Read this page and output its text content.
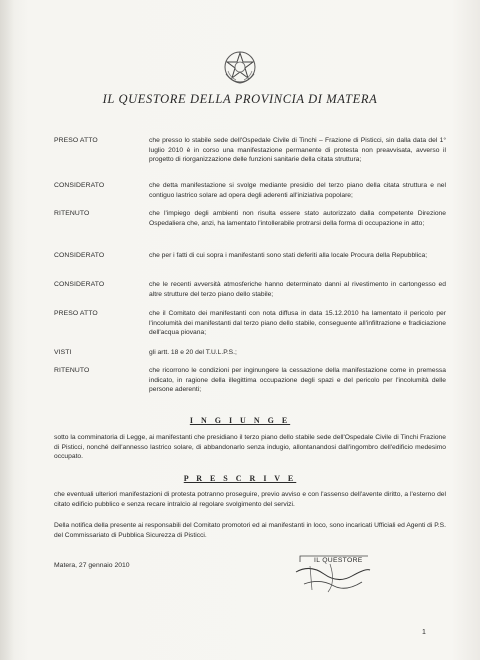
IL QUESTORE DELLA PROVINCIA DI MATERA
PRESO ATTO	che presso lo stabile sede dell'Ospedale Civile di Tinchi – Frazione di Pisticci, sin dalla data del 1° luglio 2010 è in corso una manifestazione permanente di protesta non preavvisata, avverso il progetto di riorganizzazione delle funzioni sanitarie della citata struttura;
CONSIDERATO	che detta manifestazione si svolge mediante presidio del terzo piano della citata struttura e nel contiguo lastrico solare ad opera degli aderenti all'iniziativa popolare;
RITENUTO	che l'impiego degli ambienti non risulta essere stato autorizzato dalla competente Direzione Ospedaliera che, anzi, ha lamentato l'intollerabile protrarsi della forma di occupazione in atto;
CONSIDERATO	che per i fatti di cui sopra i manifestanti sono stati deferiti alla locale Procura della Repubblica;
CONSIDERATO	che le recenti avversità atmosferiche hanno determinato danni al rivestimento in cartongesso ed altre strutture del terzo piano dello stabile;
PRESO ATTO	che il Comitato dei manifestanti con nota diffusa in data 15.12.2010 ha lamentato il pericolo per l'incolumità dei manifestanti dal terzo piano dello stabile, conseguente all'infiltrazione e fradiciazione dell'acqua piovana;
VISTI	gli artt. 18 e 20 del T.U.L.P.S.;
RITENUTO	che ricorrono le condizioni per inginungere la cessazione della manifestazione come in premessa indicato, in ragione della illegittima occupazione degli spazi e del pericolo per l'incolumità delle persone aderenti;
I N G I U N G E
sotto la comminatoria di Legge, ai manifestanti che presidiano il terzo piano dello stabile sede dell'Ospedale Civile di Tinchi Frazione di Pisticci, nonché dell'annesso lastrico solare, di abbandonarlo senza indugio, allontanandosi dall'ingombro dell'edificio medesimo occupato.
P R E S C R I V E
che eventuali ulteriori manifestazioni di protesta potranno proseguire, previo avviso e con l'assenso dell'avente diritto, a l'esterno del citato edificio pubblico e senza recare intralcio al regolare svolgimento del servizi.
Della notifica della presente ai responsabili del Comitato promotori ed ai manifestanti in loco, sono incaricati Ufficiali ed Agenti di P.S. del Commissariato di Pubblica Sicurezza di Pisticci.
Matera, 27 gennaio 2010
IL QUESTORE
1
